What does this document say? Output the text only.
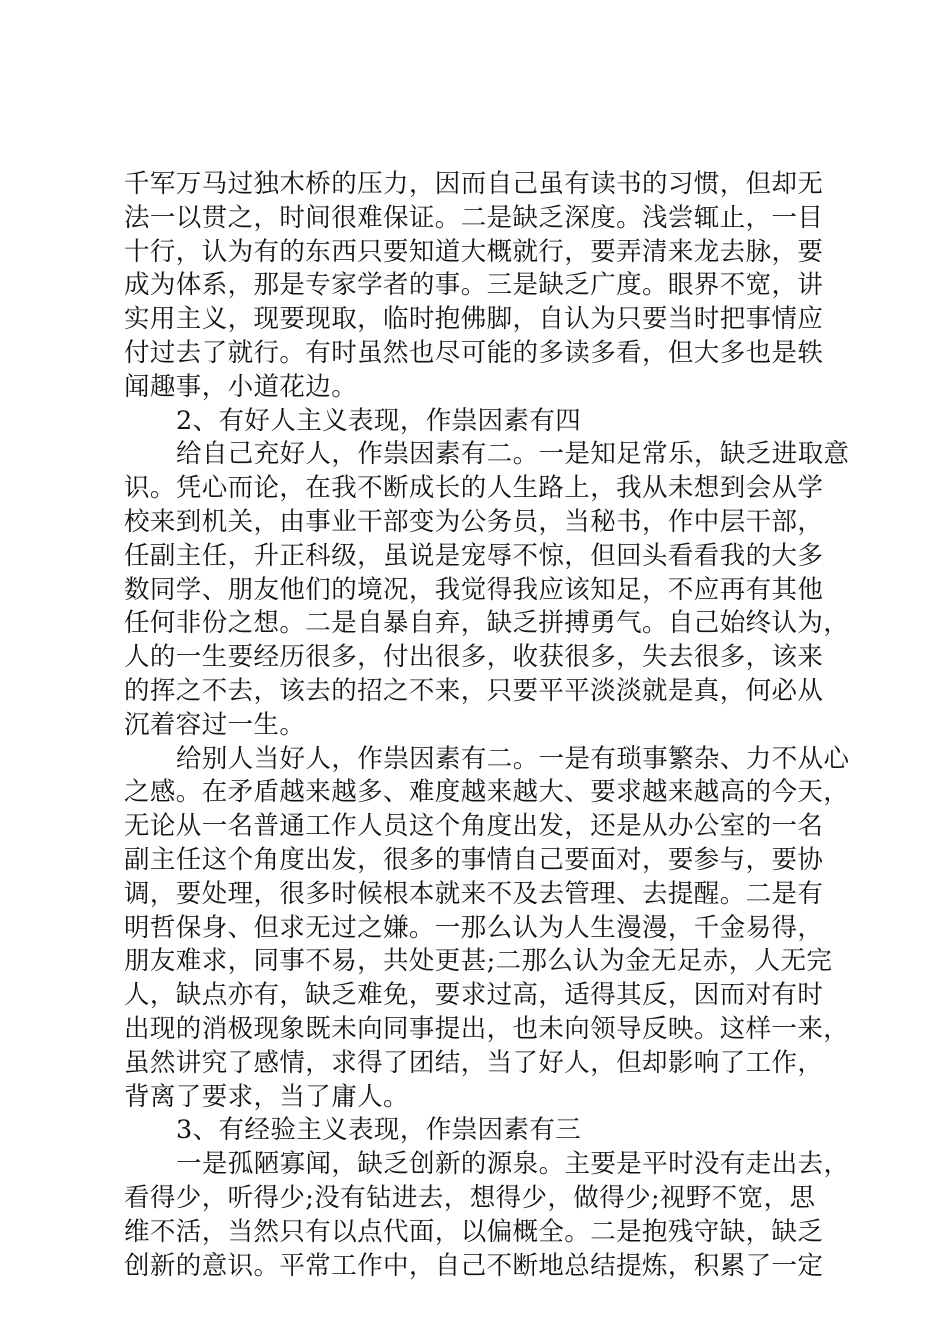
千军万马过独木桥的压力，因而自己虽有读书的习惯，但却无
法一以贯之，时间很难保证。二是缺乏深度。浅尝辄止，一目
十行，认为有的东西只要知道大概就行，要弄清来龙去脉，要
成为体系，那是专家学者的事。三是缺乏广度。眼界不宽，讲
实用主义，现要现取，临时抱佛脚，自认为只要当时把事情应
付过去了就行。有时虽然也尽可能的多读多看，但大多也是轶
闻趣事，小道花边。
2、有好人主义表现，作祟因素有四
给自己充好人，作祟因素有二。一是知足常乐，缺乏进取意
识。凭心而论，在我不断成长的人生路上，我从未想到会从学
校来到机关，由事业干部变为公务员，当秘书，作中层干部，
任副主任，升正科级，虽说是宠辱不惊，但回头看看我的大多
数同学、朋友他们的境况，我觉得我应该知足，不应再有其他
任何非份之想。二是自暴自弃，缺乏拼搏勇气。自己始终认为，
人的一生要经历很多，付出很多，收获很多，失去很多，该来
的挥之不去，该去的招之不来，只要平平淡淡就是真，何必从
沉着容过一生。
给别人当好人，作祟因素有二。一是有琐事繁杂、力不从心
之感。在矛盾越来越多、难度越来越大、要求越来越高的今天，
无论从一名普通工作人员这个角度出发，还是从办公室的一名
副主任这个角度出发，很多的事情自己要面对，要参与，要协
调，要处理，很多时候根本就来不及去管理、去提醒。二是有
明哲保身、但求无过之嫌。一那么认为人生漫漫，千金易得，
朋友难求，同事不易，共处更甚;二那么认为金无足赤，人无完
人，缺点亦有，缺乏难免，要求过高，适得其反，因而对有时
出现的消极现象既未向同事提出，也未向领导反映。这样一来，
虽然讲究了感情，求得了团结，当了好人，但却影响了工作，
背离了要求，当了庸人。
3、有经验主义表现，作祟因素有三
一是孤陋寡闻，缺乏创新的源泉。主要是平时没有走出去，
看得少，听得少;没有钻进去，想得少，做得少;视野不宽，思
维不活，当然只有以点代面，以偏概全。二是抱残守缺，缺乏
创新的意识。平常工作中，自己不断地总结提炼，积累了一定
